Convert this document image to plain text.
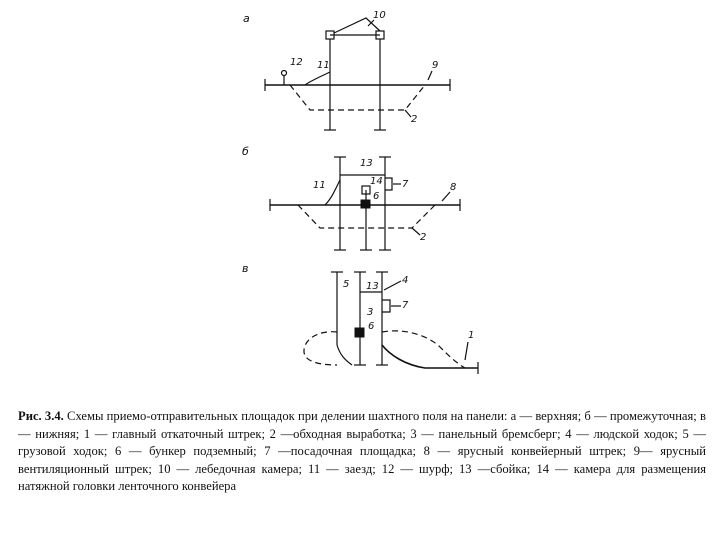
а	10
12 11	9
2
б
13
14
6
7
11	8
2
в
5 13
4
3
7
6
1
Рис. 3.4. Схемы приемо-отправительных площадок при делении шахтного поля на панели: а — верхняя; б — промежуточная; в — нижняя; 1 — главный откаточный штрек; 2 —обходная выработка; 3 — панельный бремсберг; 4 — людской ходок; 5 — грузовой ходок; 6 — бункер подземный; 7 —посадочная площадка; 8 — ярусный конвейерный штрек; 9— ярусный вентиляционный штрек; 10 — лебедочная камера; 11 — заезд; 12 — шурф; 13 —сбойка; 14 — камера для размещения натяжной головки ленточного конвейера
